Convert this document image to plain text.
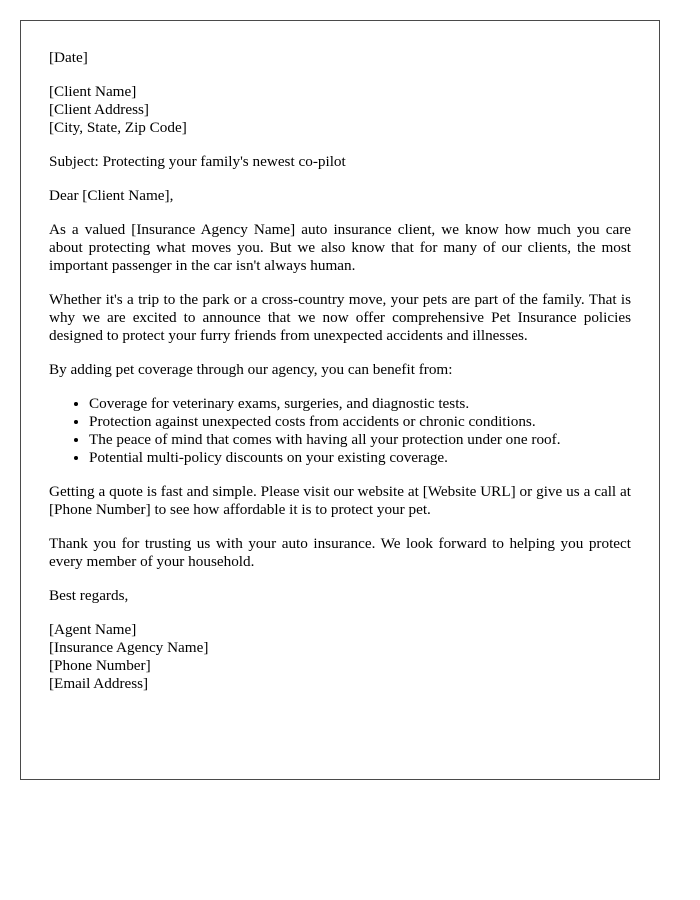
[Date]

[Client Name]
[Client Address]
[City, State, Zip Code]

Subject: Protecting your family's newest co-pilot

Dear [Client Name],

As a valued [Insurance Agency Name] auto insurance client, we know how much you care about protecting what moves you. But we also know that for many of our clients, the most important passenger in the car isn't always human.

Whether it's a trip to the park or a cross-country move, your pets are part of the family. That is why we are excited to announce that we now offer comprehensive Pet Insurance policies designed to protect your furry friends from unexpected accidents and illnesses.

By adding pet coverage through our agency, you can benefit from:

• Coverage for veterinary exams, surgeries, and diagnostic tests.
• Protection against unexpected costs from accidents or chronic conditions.
• The peace of mind that comes with having all your protection under one roof.
• Potential multi-policy discounts on your existing coverage.

Getting a quote is fast and simple. Please visit our website at [Website URL] or give us a call at [Phone Number] to see how affordable it is to protect your pet.

Thank you for trusting us with your auto insurance. We look forward to helping you protect every member of your household.

Best regards,

[Agent Name]
[Insurance Agency Name]
[Phone Number]
[Email Address]
